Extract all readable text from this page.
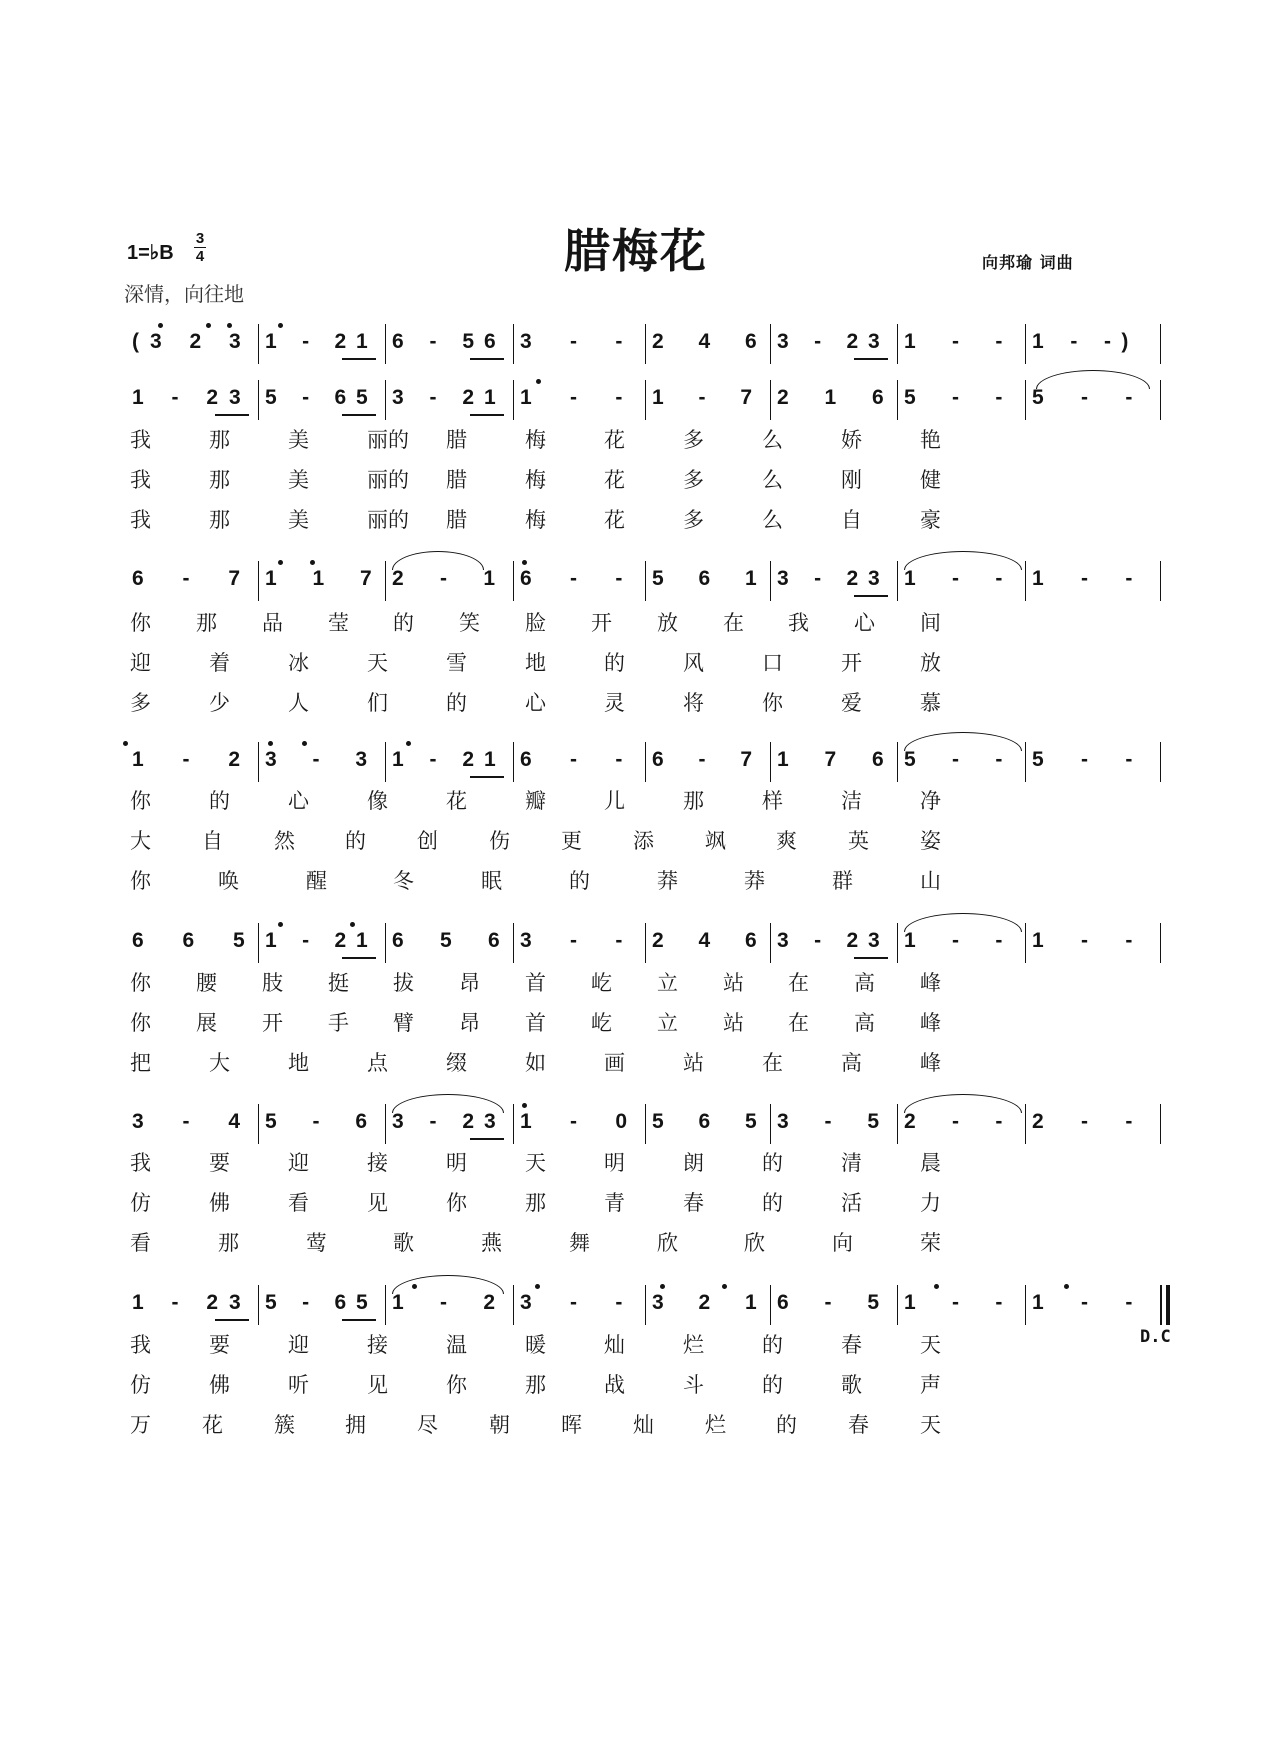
腊梅花
1=♭B
3
4
深情，向往地
向邦瑜 词曲
D.C
(3 2 3 1 - 21 6 - 56 3 - - 2 4 6 3 - 23 1 - - 1 - -)
1 - 23 5 - 65 3 - 21 1 - - 1 - 7 2 1 6 5 - - 5 - -
6 - 7 1 1 7 2 - 1 6 - - 5 6 1 3 - 23 1 - - 1 - -
1 - 2 3 - 3 1 - 21 6 - - 6 - 7 1 7 6 5 - - 5 - -
6 6 5 1 - 21 6 5 6 3 - - 2 4 6 3 - 23 1 - - 1 - -
3 - 4 5 - 6 3 - 23 1 - 0 5 6 5 3 - 5 2 - - 2 - -
1 - 23 5 - 65 1 - 2 3 - - 3 2 1 6 - 5 1 - - 1 - -
我	那	美	丽的 腊	梅	花	多	么	娇	艳
我	那	美	丽的 腊	梅	花	多	么	刚	健
我	那	美	丽的 腊	梅	花	多	么	自	豪
你 那 品 莹 的 笑 脸 开 放 在 我 心 间
迎	着	冰	天	雪	地	的	风	口	开	放
多	少	人	们	的	心	灵	将	你	爱	慕
你	的	心	像	花	瓣	儿	那	样	洁	净
大 自 然 的 创 伤 更 添 飒 爽 英 姿
你	唤	醒	冬	眠	的	莽	莽	群	山
你 腰 肢 挺 拔 昂 首 屹 立 站 在 高 峰
你 展 开 手 臂 昂 首 屹 立 站 在 高 峰
把	大	地	点	缀	如	画	站	在	高	峰
我	要	迎	接	明	天	明	朗	的	清	晨
仿	佛	看	见	你	那	青	春	的	活	力
看	那	莺	歌	燕	舞	欣	欣	向	荣
我	要	迎	接	温	暖	灿	烂	的	春	天
仿	佛	听	见	你	那	战	斗	的	歌	声
万 花 簇 拥 尽 朝 晖 灿 烂 的 春 天
